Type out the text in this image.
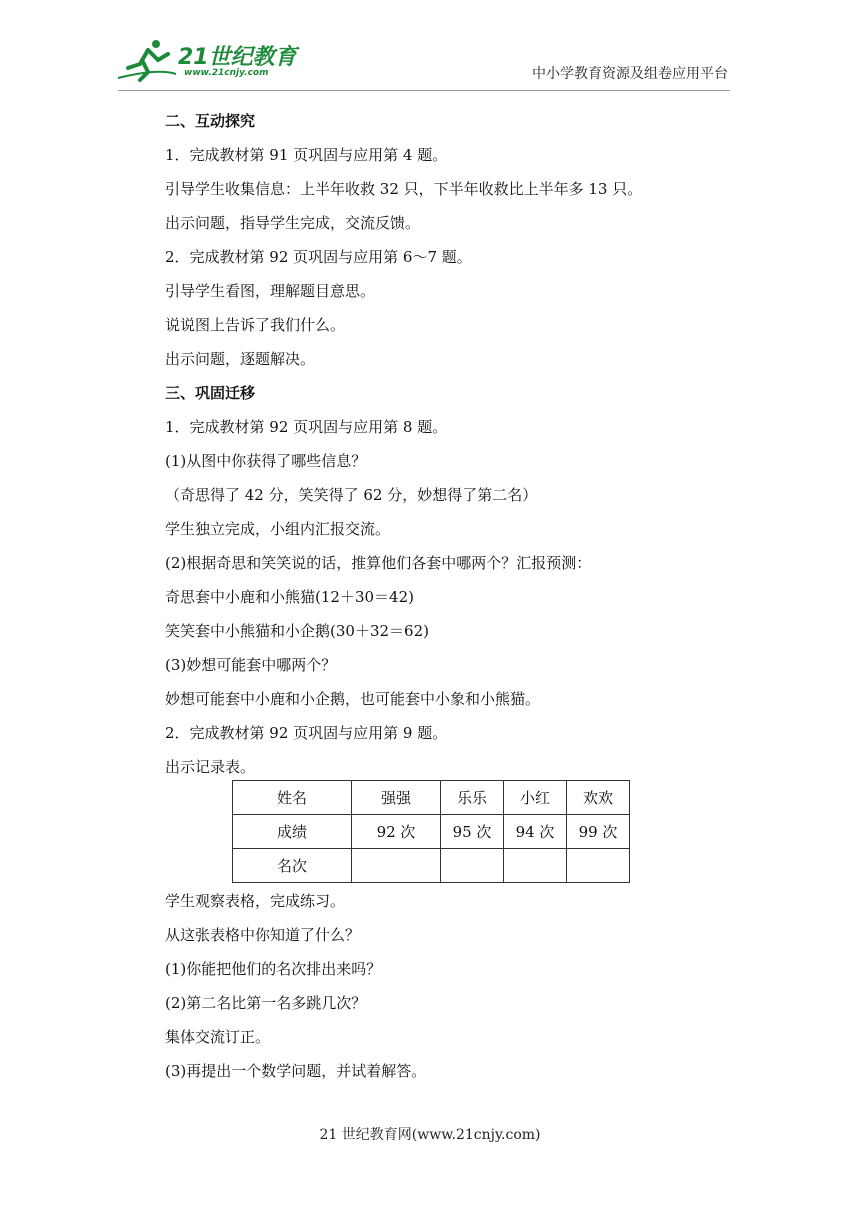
21世纪教育
www.21cnjy.com	中小学教育资源及组卷应用平台

二、互动探究

1．完成教材第 91 页巩固与应用第 4 题。

引导学生收集信息：上半年收救 32 只，下半年收救比上半年多 13 只。

出示问题，指导学生完成，交流反馈。

2．完成教材第 92 页巩固与应用第 6～7 题。

引导学生看图，理解题目意思。

说说图上告诉了我们什么。

出示问题，逐题解决。

三、巩固迁移

1．完成教材第 92 页巩固与应用第 8 题。

(1)从图中你获得了哪些信息？

（奇思得了 42 分，笑笑得了 62 分，妙想得了第二名）

学生独立完成，小组内汇报交流。

(2)根据奇思和笑笑说的话，推算他们各套中哪两个？汇报预测：

奇思套中小鹿和小熊猫(12＋30＝42)

笑笑套中小熊猫和小企鹅(30＋32＝62)

(3)妙想可能套中哪两个？

妙想可能套中小鹿和小企鹅，也可能套中小象和小熊猫。

2．完成教材第 92 页巩固与应用第 9 题。

出示记录表。

姓名	强强	乐乐	小红	欢欢
成绩	92 次	95 次	94 次	99 次
名次				

学生观察表格，完成练习。

从这张表格中你知道了什么？

(1)你能把他们的名次排出来吗？

(2)第二名比第一名多跳几次？

集体交流订正。

(3)再提出一个数学问题，并试着解答。

21 世纪教育网(www.21cnjy.com)
